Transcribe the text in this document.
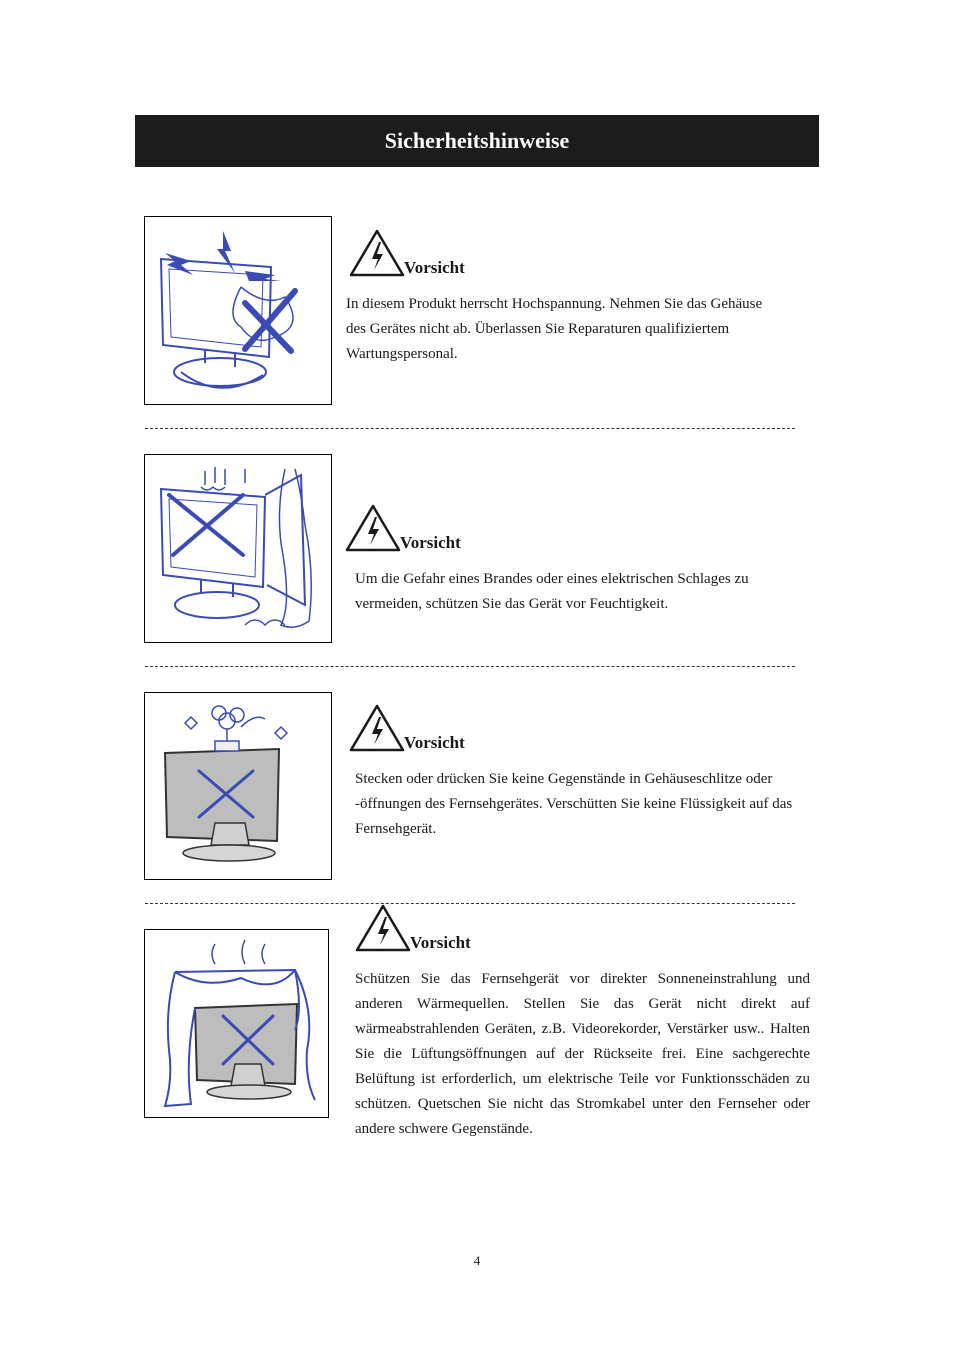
Sicherheitshinweise
Vorsicht

In diesem Produkt herrscht Hochspannung. Nehmen Sie das Gehäuse des Gerätes nicht ab. Überlassen Sie Reparaturen qualifiziertem Wartungspersonal.

Vorsicht

Um die Gefahr eines Brandes oder eines elektrischen Schlages zu vermeiden, schützen Sie das Gerät vor Feuchtigkeit.

Vorsicht

Stecken oder drücken Sie keine Gegenstände in Gehäuseschlitze oder -öffnungen des Fernsehgerätes. Verschütten Sie keine Flüssigkeit auf das Fernsehgerät.

Vorsicht

Schützen Sie das Fernsehgerät vor direkter Sonneneinstrahlung und anderen Wärmequellen. Stellen Sie das Gerät nicht direkt auf wärmeabstrahlenden Geräten, z.B. Videorekorder, Verstärker usw.. Halten Sie die Lüftungsöffnungen auf der Rückseite frei. Eine sachgerechte Belüftung ist erforderlich, um elektrische Teile vor Funktionsschäden zu schützen. Quetschen Sie nicht das Stromkabel unter den Fernseher oder andere schwere Gegenstände.

4
